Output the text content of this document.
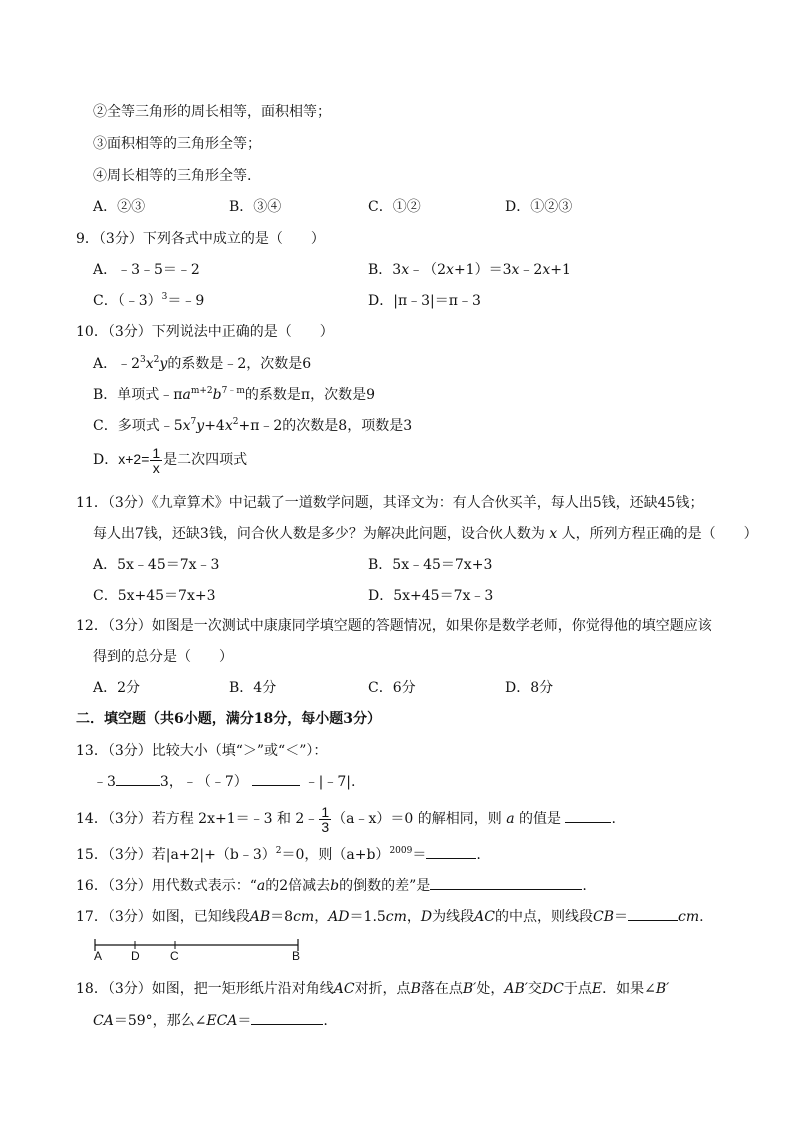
②全等三角形的周长相等，面积相等；
③面积相等的三角形全等；
④周长相等的三角形全等.
A．②③	B．③④	C．①②	D．①②③
9．（3分）下列各式中成立的是（　　）
A．﹣3﹣5＝﹣2	B．3x﹣（2x+1）＝3x﹣2x+1
C．（﹣3）$^3$＝﹣9	D．|π﹣3|＝π﹣3
10．（3分）下列说法中正确的是（　　）
A．$﹣2^3x^2y$的系数是﹣2，次数是6
B．单项式$﹣\pi a^{m+2}b^{7﹣m}$的系数是π，次数是9
C．多项式$﹣5x^7y+4x^2+\pi﹣2$的次数是8，项数是3
D．$x+2= \frac{1}{x}$ 是二次四项式
11．（3分）《九章算术》中记载了一道数学问题，其译文为：有人合伙买羊，每人出5钱，还缺45钱；
每人出7钱，还缺3钱，问合伙人数是多少？为解决此问题，设合伙人数为 x 人，所列方程正确的是（　　）
A．5x﹣45＝7x﹣3	B．5x﹣45＝7x+3
C．5x+45＝7x+3	D．5x+45＝7x﹣3
12．（3分）如图是一次测试中康康同学填空题的答题情况，如果你是数学老师，你觉得他的填空题应该
得到的总分是（　　）
A．2分	B．4分	C．6分	D．8分
二．填空题（共6小题，满分18分，每小题3分）
13．（3分）比较大小（填“＞”或“＜”）：
﹣3	3，﹣（﹣7）	﹣|﹣7|.
14．（3分）若方程 2x+1＝﹣3 和 2﹣ $\frac{1}{3}$ （a﹣x）＝0 的解相同，则 a 的值是	.
15．（3分）若|a+2|+（b﹣3）$^2$＝0，则$(a+b)^{2009}=$	.
16．（3分）用代数式表示：“a的2倍减去b的倒数的差”是	.
17．（3分）如图，已知线段AB＝8cm，AD＝1.5cm，D为线段AC的中点，则线段CB＝	cm.
A D	C	B
18．（3分）如图，把一矩形纸片沿对角线AC对折，点B落在点B′处，AB′交DC于点E．如果∠B′
CA＝59°，那么∠ECA＝	.
